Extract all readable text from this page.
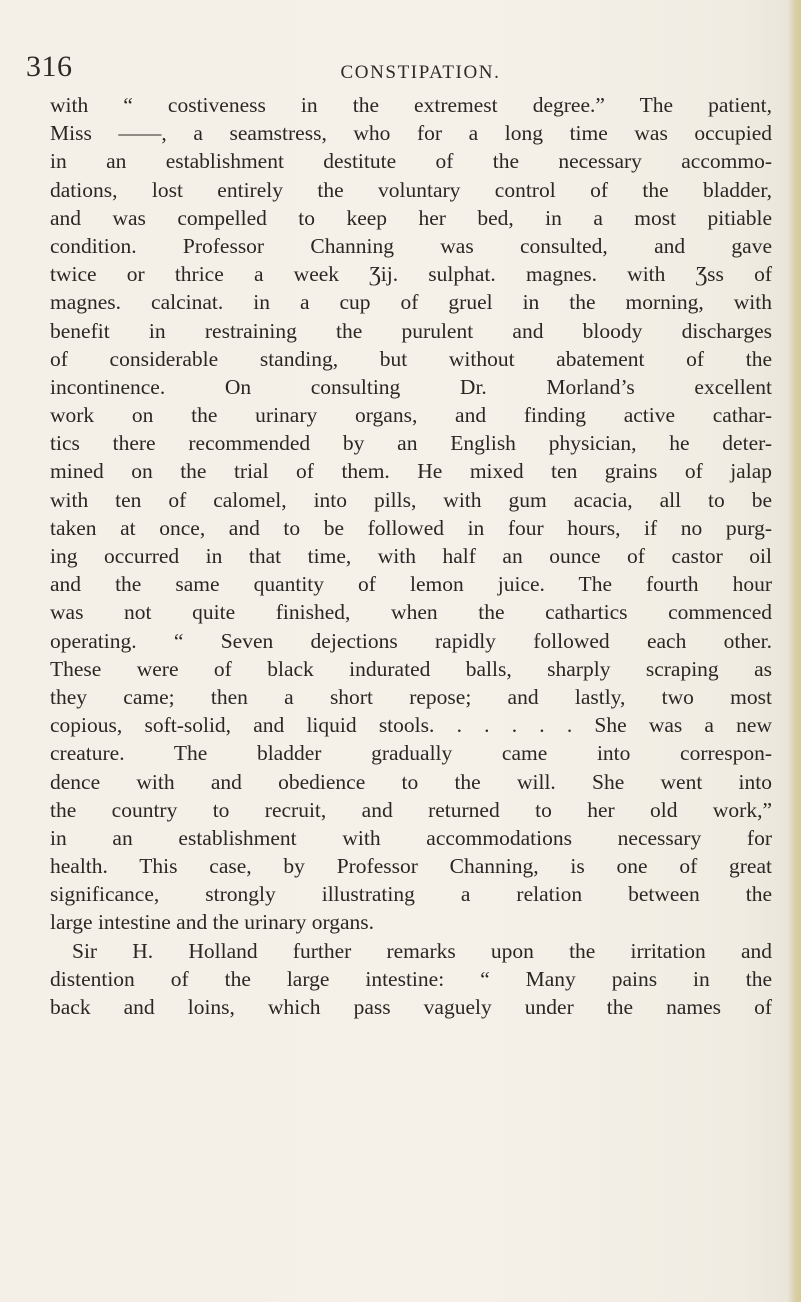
316	CONSTIPATION.
with “ costiveness in the extremest degree.” The patient,
Miss ——, a seamstress, who for a long time was occupied
in an establishment destitute of the necessary accommo-
dations, lost entirely the voluntary control of the bladder,
and was compelled to keep her bed, in a most pitiable
condition. Professor Channing was consulted, and gave
twice or thrice a week Ʒij. sulphat. magnes. with Ʒss of
magnes. calcinat. in a cup of gruel in the morning, with
benefit in restraining the purulent and bloody discharges
of considerable standing, but without abatement of the
incontinence. On consulting Dr. Morland’s excellent
work on the urinary organs, and finding active cathar-
tics there recommended by an English physician, he deter-
mined on the trial of them. He mixed ten grains of jalap
with ten of calomel, into pills, with gum acacia, all to be
taken at once, and to be followed in four hours, if no purg-
ing occurred in that time, with half an ounce of castor oil
and the same quantity of lemon juice. The fourth hour
was not quite finished, when the cathartics commenced
operating. “ Seven dejections rapidly followed each other.
These were of black indurated balls, sharply scraping as
they came; then a short repose; and lastly, two most
copious, soft-solid, and liquid stools. . . . . . She was a new
creature. The bladder gradually came into correspon-
dence with and obedience to the will. She went into
the country to recruit, and returned to her old work,”
in an establishment with accommodations necessary for
health. This case, by Professor Channing, is one of great
significance, strongly illustrating a relation between the
large intestine and the urinary organs.
Sir H. Holland further remarks upon the irritation and
distention of the large intestine: “ Many pains in the
back and loins, which pass vaguely under the names of
